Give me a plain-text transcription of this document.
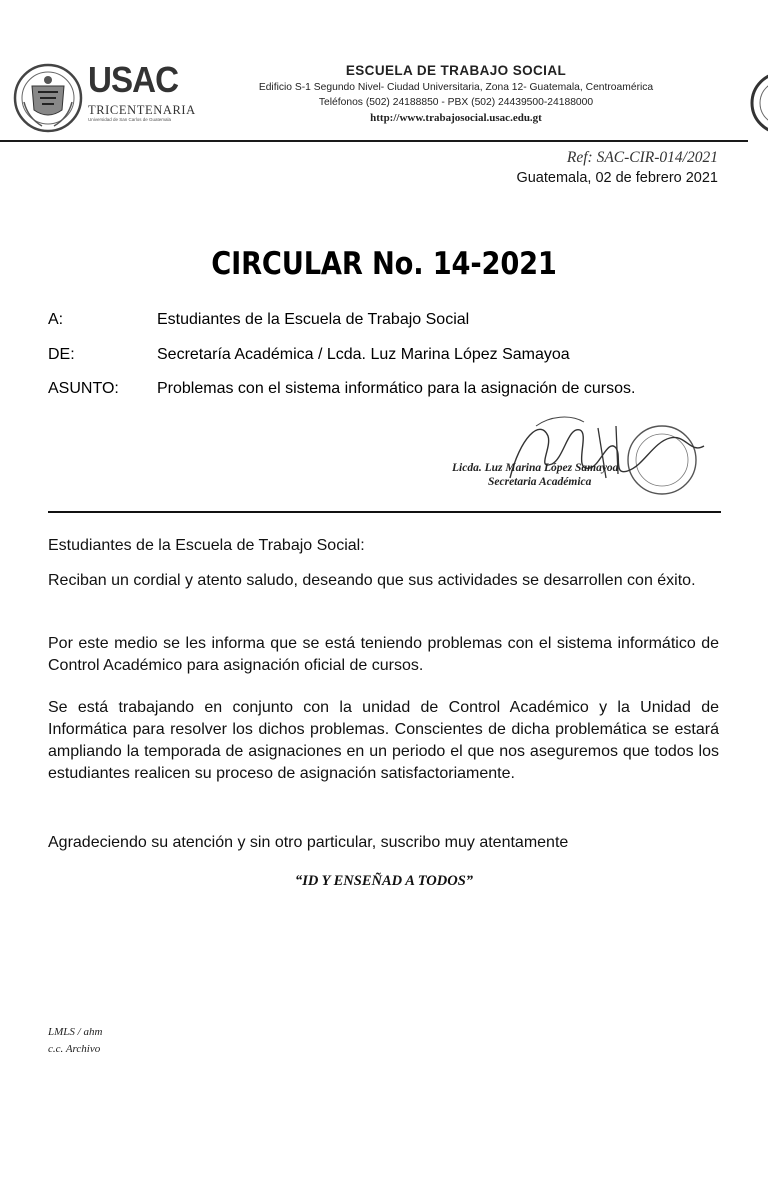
USAC
TRICENTENARIA
Universidad de San Carlos de Guatemala
ESCUELA DE TRABAJO SOCIAL
Edificio S-1 Segundo Nivel- Ciudad Universitaria, Zona 12- Guatemala, Centroamérica
Teléfonos (502) 24188850 - PBX (502) 24439500-24188000
http://www.trabajosocial.usac.edu.gt
Ref: SAC-CIR-014/2021
Guatemala, 02 de febrero 2021
CIRCULAR No. 14-2021
A:	Estudiantes de la Escuela de Trabajo Social
DE:	Secretaría Académica / Lcda. Luz Marina López Samayoa
ASUNTO: Problemas con el sistema informático para la asignación de cursos.
Licda. Luz Marina López Samayoa
Secretaria Académica

Estudiantes de la Escuela de Trabajo Social:

Reciban un cordial y atento saludo, deseando que sus actividades se desarrollen con éxito.

Por este medio se les informa que se está teniendo problemas con el sistema informático de Control Académico para asignación oficial de cursos.

Se está trabajando en conjunto con la unidad de Control Académico y la Unidad de Informática para resolver los dichos problemas. Conscientes de dicha problemática se estará ampliando la temporada de asignaciones en un periodo el que nos aseguremos que todos los estudiantes realicen su proceso de asignación satisfactoriamente.

Agradeciendo su atención y sin otro particular, suscribo muy atentamente

“ID Y ENSEÑAD A TODOS”
LMLS / ahm
c.c. Archivo
